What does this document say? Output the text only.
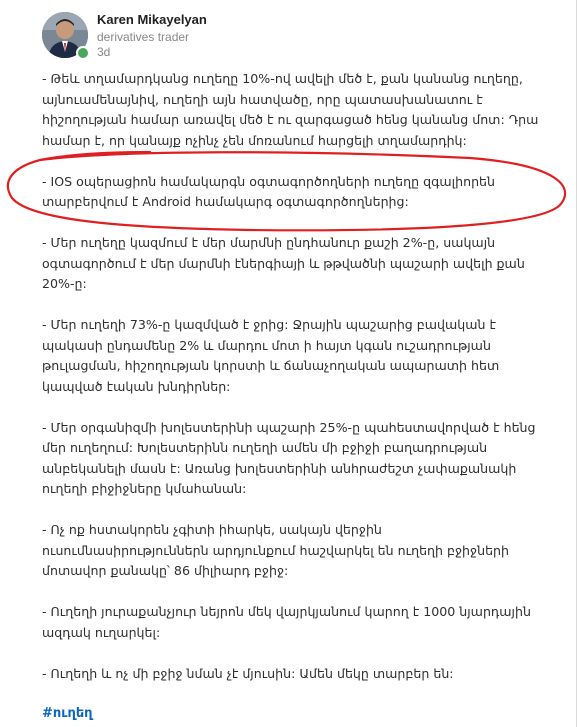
Karen Mikayelyan
derivatives trader
3d

- Թեև տղամարդկանց ուղեղը 10%-ով ավելի մեծ է, քան կանանց ուղեղը, այնուամենայնիվ, ուղեղի այն հատվածը, որը պատասխանատու է հիշողության համար առավել մեծ է ու զարգացած հենց կանանց մոտ: Դրա համար է, որ կանայք ոչինչ չեն մոռանում հարցելի տղամարդիկ:

- IOS օպերացիոն համակարգն օգտագործողների ուղեղը զգալիորեն տարբերվում է Android համակարգ օգտագործողներից:

- Մեր ուղեղը կազմում է մեր մարմնի ընդհանուր քաշի 2%-ը, սակայն օգտագործում է մեր մարմնի էներգիայի և թթվածնի պաշարի ավելի քան 20%-ը:

- Մեր ուղեղի 73%-ը կազմված է ջրից: Ջրային պաշարից բավական է պակասի ընդամենը 2% և մարդու մոտ ի հայտ կգան ուշադրության թուլացման, հիշողության կորստի և ճանաչողական ապարատի հետ կապված էական խնդիրներ:

- Մեր օրգանիզմի խոլեստերինի պաշարի 25%-ը պահեստավորված է հենց մեր ուղեղում: Խոլեստերինն ուղեղի ամեն մի բջիջի բաղադրության անբեկանելի մասն է: Առանց խոլեստերինի անհրաժեշտ չափաքանակի ուղեղի բիջիջները կմահանան:

- Ոչ ոք հստակորեն չգիտի իհարկե, սակայն վերջին ուսումնասիրություններն արդյունքում հաշվարկել են ուղեղի բջիջների մոտավոր քանակը՝ 86 միլիարդ բջիջ:

- Ուղեղի յուրաքանչյուր նեյրոն մեկ վայրկյանում կարող է 1000 նյարդային ազդակ ուղարկել:

- Ուղեղի և ոչ մի բջիջ նման չէ մյուսին: Ամեն մեկը տարբեր են:

#ուղեղ
